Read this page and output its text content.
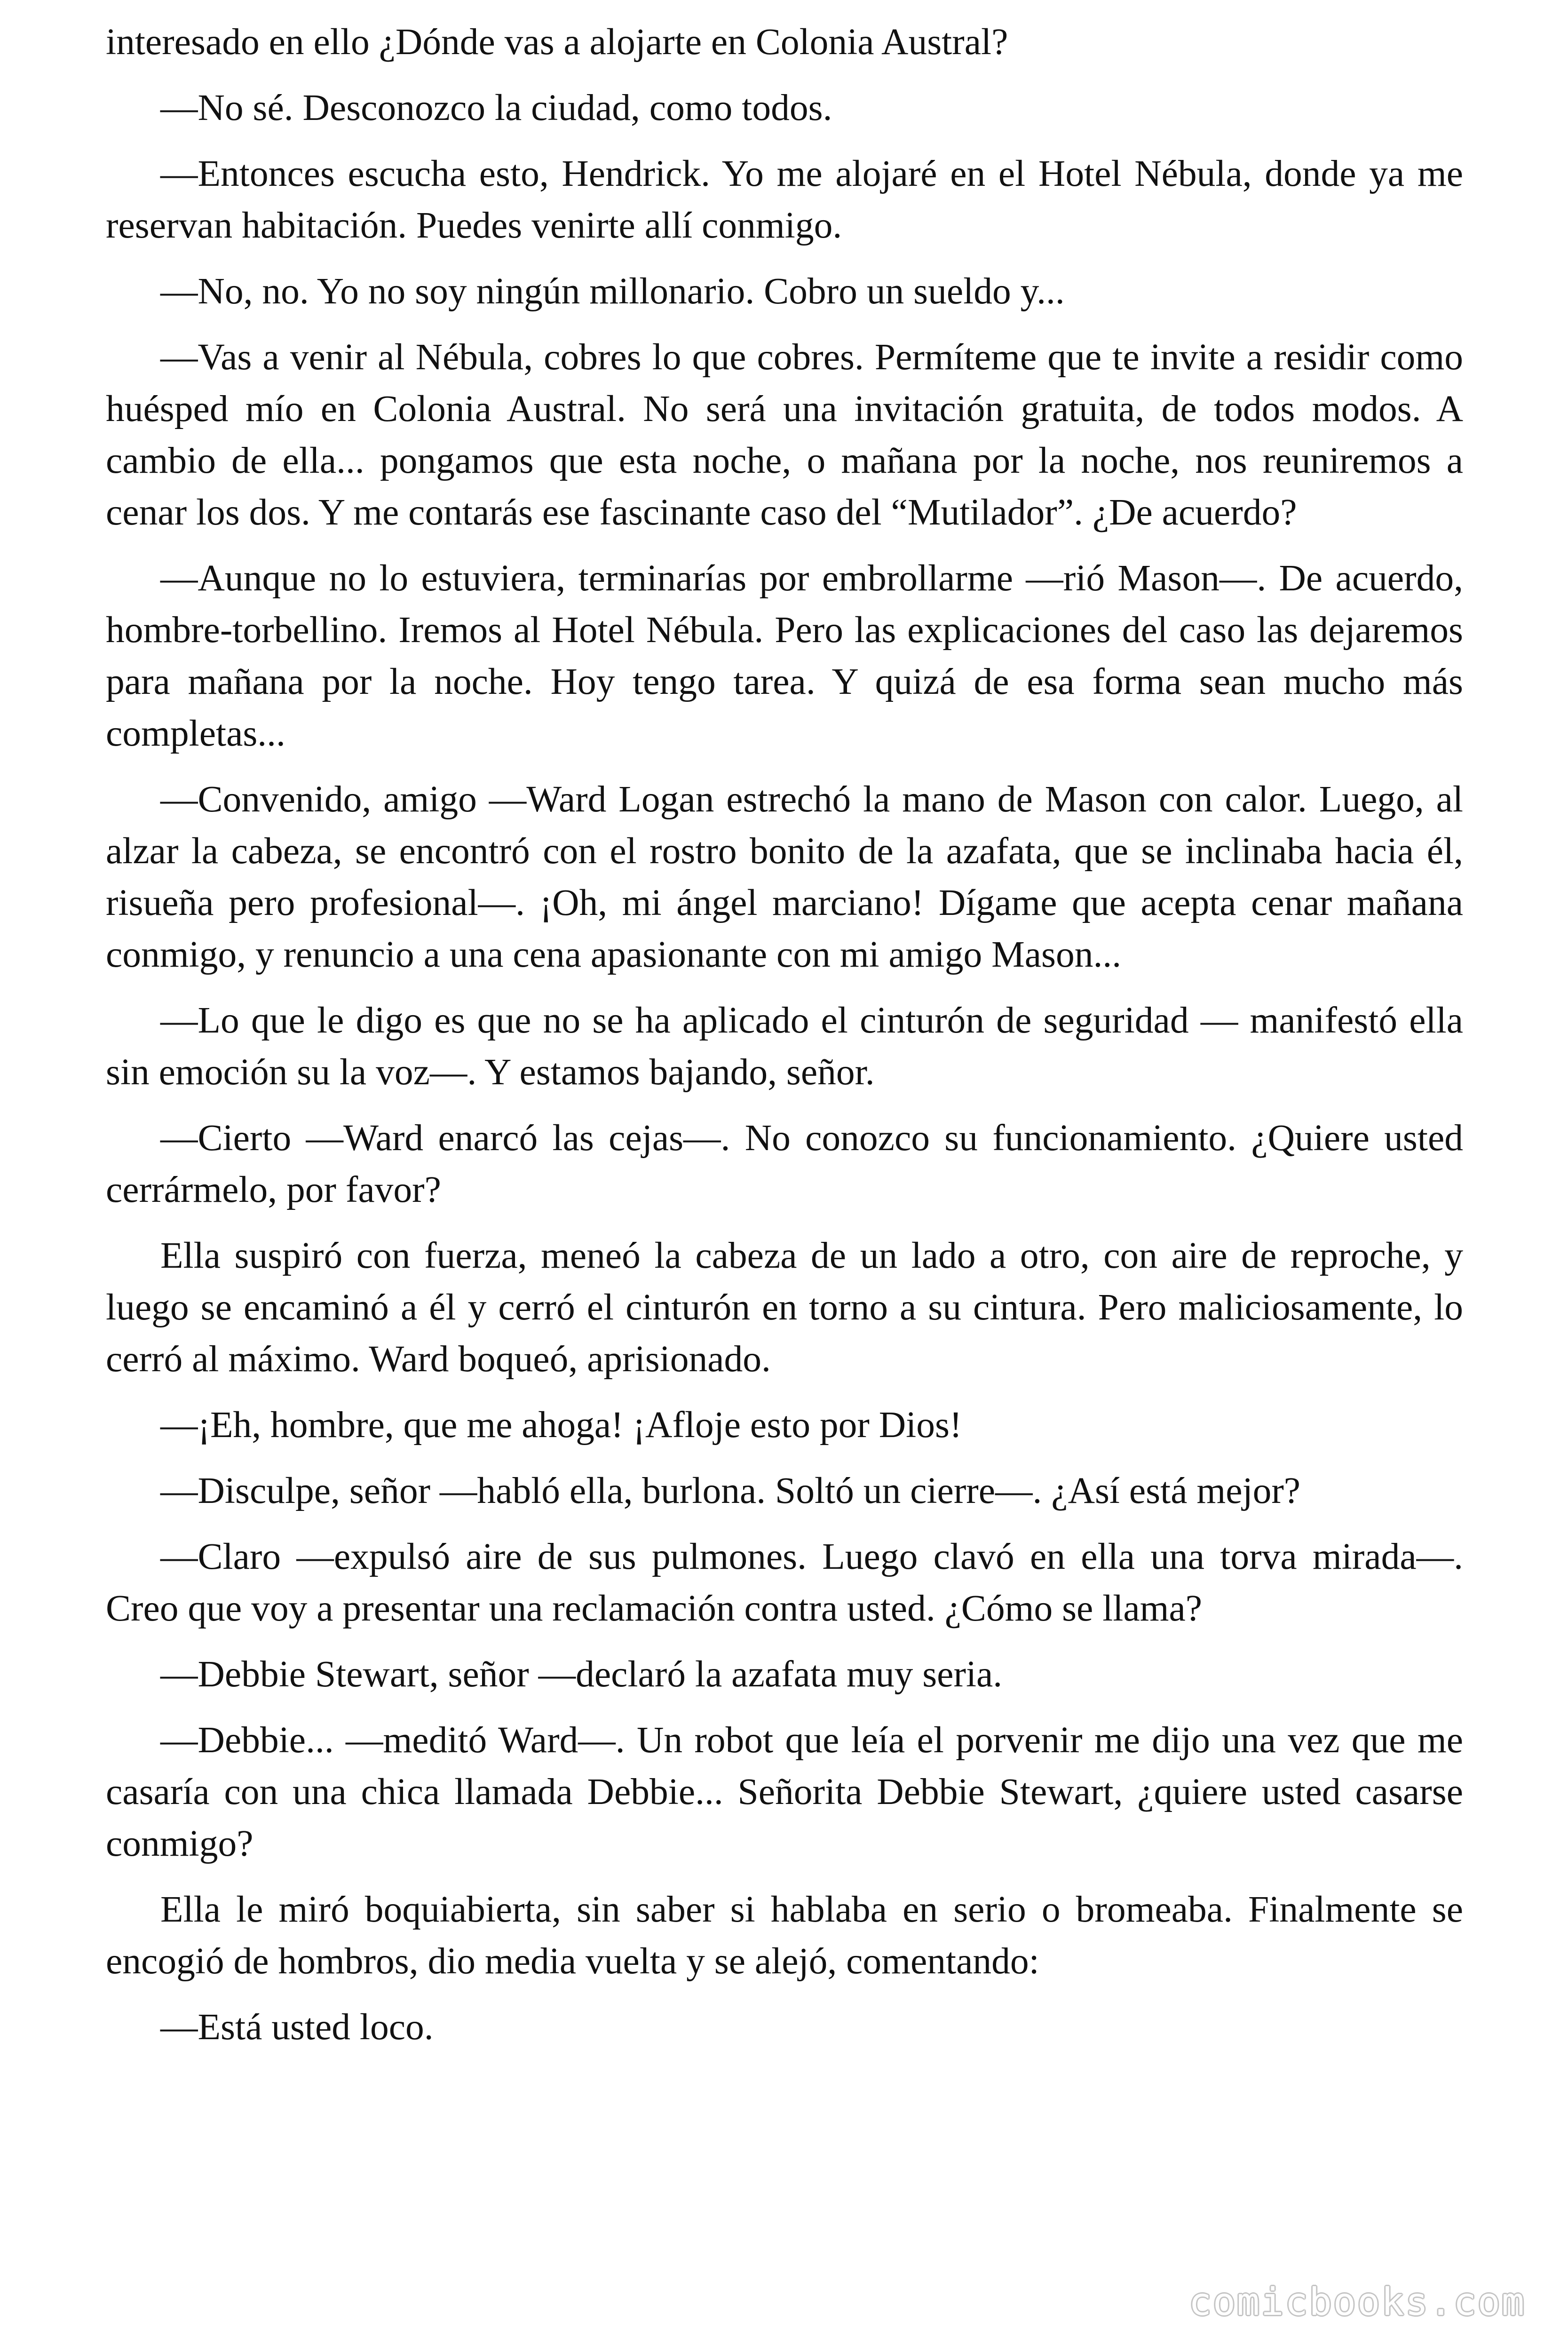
interesado en ello ¿Dónde vas a alojarte en Colonia Austral?

—No sé. Desconozco la ciudad, como todos.

—Entonces escucha esto, Hendrick. Yo me alojaré en el Hotel Nébula, donde ya me reservan habitación. Puedes venirte allí conmigo.

—No, no. Yo no soy ningún millonario. Cobro un sueldo y...

—Vas a venir al Nébula, cobres lo que cobres. Permíteme que te invite a residir como huésped mío en Colonia Austral. No será una invitación gratuita, de todos modos. A cambio de ella... pongamos que esta noche, o mañana por la noche, nos reuniremos a cenar los dos. Y me contarás ese fascinante caso del “Mutilador”. ¿De acuerdo?

—Aunque no lo estuviera, terminarías por embrollarme —rió Mason—. De acuerdo, hombre-torbellino. Iremos al Hotel Nébula. Pero las explicaciones del caso las dejaremos para mañana por la noche. Hoy tengo tarea. Y quizá de esa forma sean mucho más completas...

—Convenido, amigo —Ward Logan estrechó la mano de Mason con calor. Luego, al alzar la cabeza, se encontró con el rostro bonito de la azafata, que se inclinaba hacia él, risueña pero profesional—. ¡Oh, mi ángel marciano! Dígame que acepta cenar mañana conmigo, y renuncio a una cena apasionante con mi amigo Mason...

—Lo que le digo es que no se ha aplicado el cinturón de seguridad — manifestó ella sin emoción su la voz—. Y estamos bajando, señor.

—Cierto —Ward enarcó las cejas—. No conozco su funcionamiento. ¿Quiere usted cerrármelo, por favor?

Ella suspiró con fuerza, meneó la cabeza de un lado a otro, con aire de reproche, y luego se encaminó a él y cerró el cinturón en torno a su cintura. Pero maliciosamente, lo cerró al máximo. Ward boqueó, aprisionado.

—¡Eh, hombre, que me ahoga! ¡Afloje esto por Dios!

—Disculpe, señor —habló ella, burlona. Soltó un cierre—. ¿Así está mejor?

—Claro —expulsó aire de sus pulmones. Luego clavó en ella una torva mirada—. Creo que voy a presentar una reclamación contra usted. ¿Cómo se llama?

—Debbie Stewart, señor —declaró la azafata muy seria.

—Debbie... —meditó Ward—. Un robot que leía el porvenir me dijo una vez que me casaría con una chica llamada Debbie... Señorita Debbie Stewart, ¿quiere usted casarse conmigo?

Ella le miró boquiabierta, sin saber si hablaba en serio o bromeaba. Finalmente se encogió de hombros, dio media vuelta y se alejó, comentando:

—Está usted loco.

comicbooks.com
